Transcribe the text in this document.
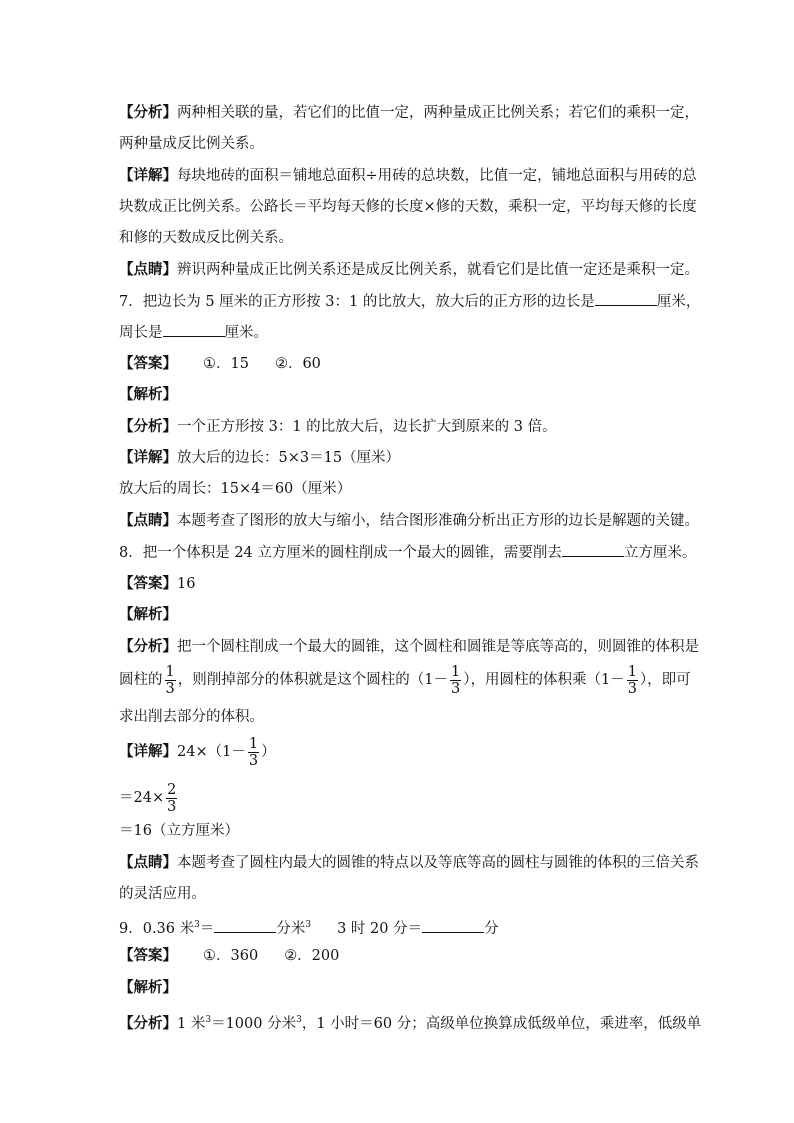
【分析】两种相关联的量，若它们的比值一定，两种量成正比例关系；若它们的乘积一定，
两种量成反比例关系。
【详解】每块地砖的面积＝铺地总面积÷用砖的总块数，比值一定，铺地总面积与用砖的总
块数成正比例关系。公路长＝平均每天修的长度×修的天数，乘积一定，平均每天修的长度
和修的天数成反比例关系。
【点睛】辨识两种量成正比例关系还是成反比例关系，就看它们是比值一定还是乘积一定。
7．把边长为 5 厘米的正方形按 3：1 的比放大，放大后的正方形的边长是	厘米，
周长是	厘米。
【答案】 ①．15 ②．60
【解析】
【分析】一个正方形按 3：1 的比放大后，边长扩大到原来的 3 倍。
【详解】放大后的边长：5×3＝15（厘米）
放大后的周长：15×4＝60（厘米）
【点睛】本题考查了图形的放大与缩小，结合图形准确分析出正方形的边长是解题的关键。
8．把一个体积是 24 立方厘米的圆柱削成一个最大的圆锥，需要削去	立方厘米。
【答案】16
【解析】
【分析】把一个圆柱削成一个最大的圆锥，这个圆柱和圆锥是等底等高的，则圆锥的体积是
圆柱的 $\frac{1}{3}$ ，则削掉部分的体积就是这个圆柱的（$1- \frac{1}{3}$ ），用圆柱的体积乘（$1- \frac{1}{3}$ ），即可
求出削去部分的体积。
【详解】$24\times(1- \frac{1}{3}$ ）
$=24\times \frac{2}{3}$
＝16（立方厘米）
【点睛】本题考查了圆柱内最大的圆锥的特点以及等底等高的圆柱与圆锥的体积的三倍关系
的灵活应用。
9．0.36 米$^3$＝	分米$^3$ 3 时 20 分＝	分
【答案】 ①．360 ②．200
【解析】
【分析】1 米$^3$＝1000 分米$^3$，1 小时＝60 分；高级单位换算成低级单位，乘进率，低级单
